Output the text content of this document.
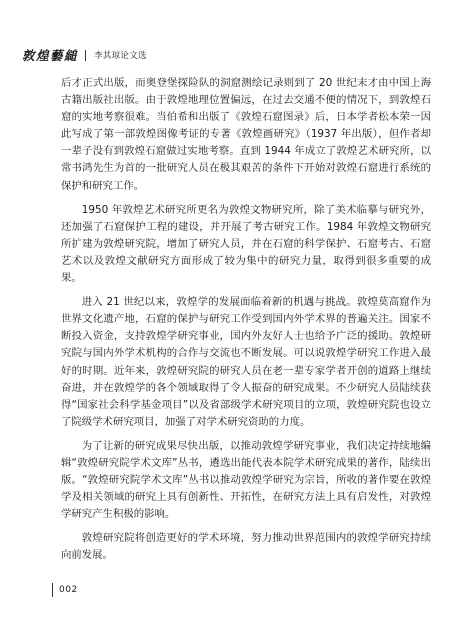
敦煌藝縋 李其琼论文选

后才正式出版，而奥登堡探险队的洞窟测绘记录则到了 20 世纪末才由中国上海古籍出版社出版。由于敦煌地理位置偏远，在过去交通不便的情况下，到敦煌石窟的实地考察很难。当伯希和出版了《敦煌石窟图录》后，日本学者松本荣一因此写成了第一部敦煌图像考证的专著《敦煌画研究》（1937 年出版），但作者却一辈子没有到敦煌石窟做过实地考察。直到 1944 年成立了敦煌艺术研究所，以常书鸿先生为首的一批研究人员在极其艰苦的条件下开始对敦煌石窟进行系统的保护和研究工作。

1950 年敦煌艺术研究所更名为敦煌文物研究所，除了美术临摹与研究外，还加强了石窟保护工程的建设，并开展了考古研究工作。1984 年敦煌文物研究所扩建为敦煌研究院，增加了研究人员，并在石窟的科学保护、石窟考古、石窟艺术以及敦煌文献研究方面形成了较为集中的研究力量，取得到很多重要的成果。

进入 21 世纪以来，敦煌学的发展面临着新的机遇与挑战。敦煌莫高窟作为世界文化遗产地，石窟的保护与研究工作受到国内外学术界的普遍关注。国家不断投入资金，支持敦煌学研究事业，国内外友好人士也给予广泛的援助。敦煌研究院与国内外学术机构的合作与交流也不断发展。可以说敦煌学研究工作进入最好的时期。近年来，敦煌研究院的研究人员在老一辈专家学者开创的道路上继续奋进，并在敦煌学的各个领域取得了令人振奋的研究成果。不少研究人员陆续获得“国家社会科学基金项目”以及省部级学术研究项目的立项，敦煌研究院也设立了院级学术研究项目，加强了对学术研究资助的力度。

为了让新的研究成果尽快出版，以推动敦煌学研究事业，我们决定持续地编辑“敦煌研究院学术文库”丛书，遴选出能代表本院学术研究成果的著作，陆续出版。“敦煌研究院学术文库”丛书以推动敦煌学研究为宗旨，所收的著作要在敦煌学及相关领域的研究上具有创新性、开拓性，在研究方法上具有启发性，对敦煌学研究产生积极的影响。

敦煌研究院将创造更好的学术环境，努力推动世界范围内的敦煌学研究持续向前发展。

002
